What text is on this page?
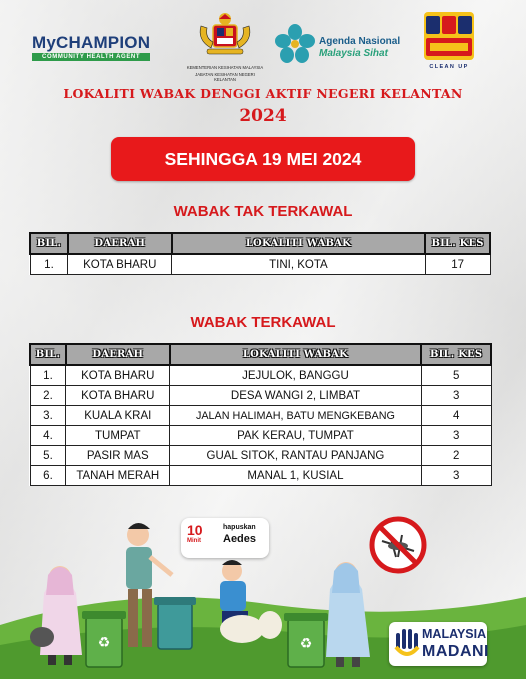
MyCHAMPION
COMMUNITY HEALTH AGENT
KEMENTERIAN KESIHATAN MALAYSIA
JABATAN KESIHATAN NEGERI KELANTAN
Agenda Nasional
Malaysia Sihat
CLEAN UP
LOKALITI WABAK DENGGI AKTIF NEGERI KELANTAN
2024
SEHINGGA 19 MEI 2024
WABAK TAK TERKAWAL
BIL.	DAERAH	LOKALITI WABAK	BIL. KES
1.	KOTA BHARU	TINI, KOTA	17
WABAK TERKAWAL
BIL.	DAERAH	LOKALITI WABAK	BIL. KES
1.	KOTA BHARU	JEJULOK, BANGGU	5
2.	KOTA BHARU	DESA WANGI 2, LIMBAT	3
3.	KUALA KRAI	JALAN HALIMAH, BATU MENGKEBANG	4
4.	TUMPAT	PAK KERAU, TUMPAT	3
5.	PASIR MAS	GUAL SITOK, RANTAU PANJANG	2
6.	TANAH MERAH	MANAL 1, KUSIAL	3
♻	♻
10
Minit
hapuskan
Aedes
MALAYSIA
MADANI
